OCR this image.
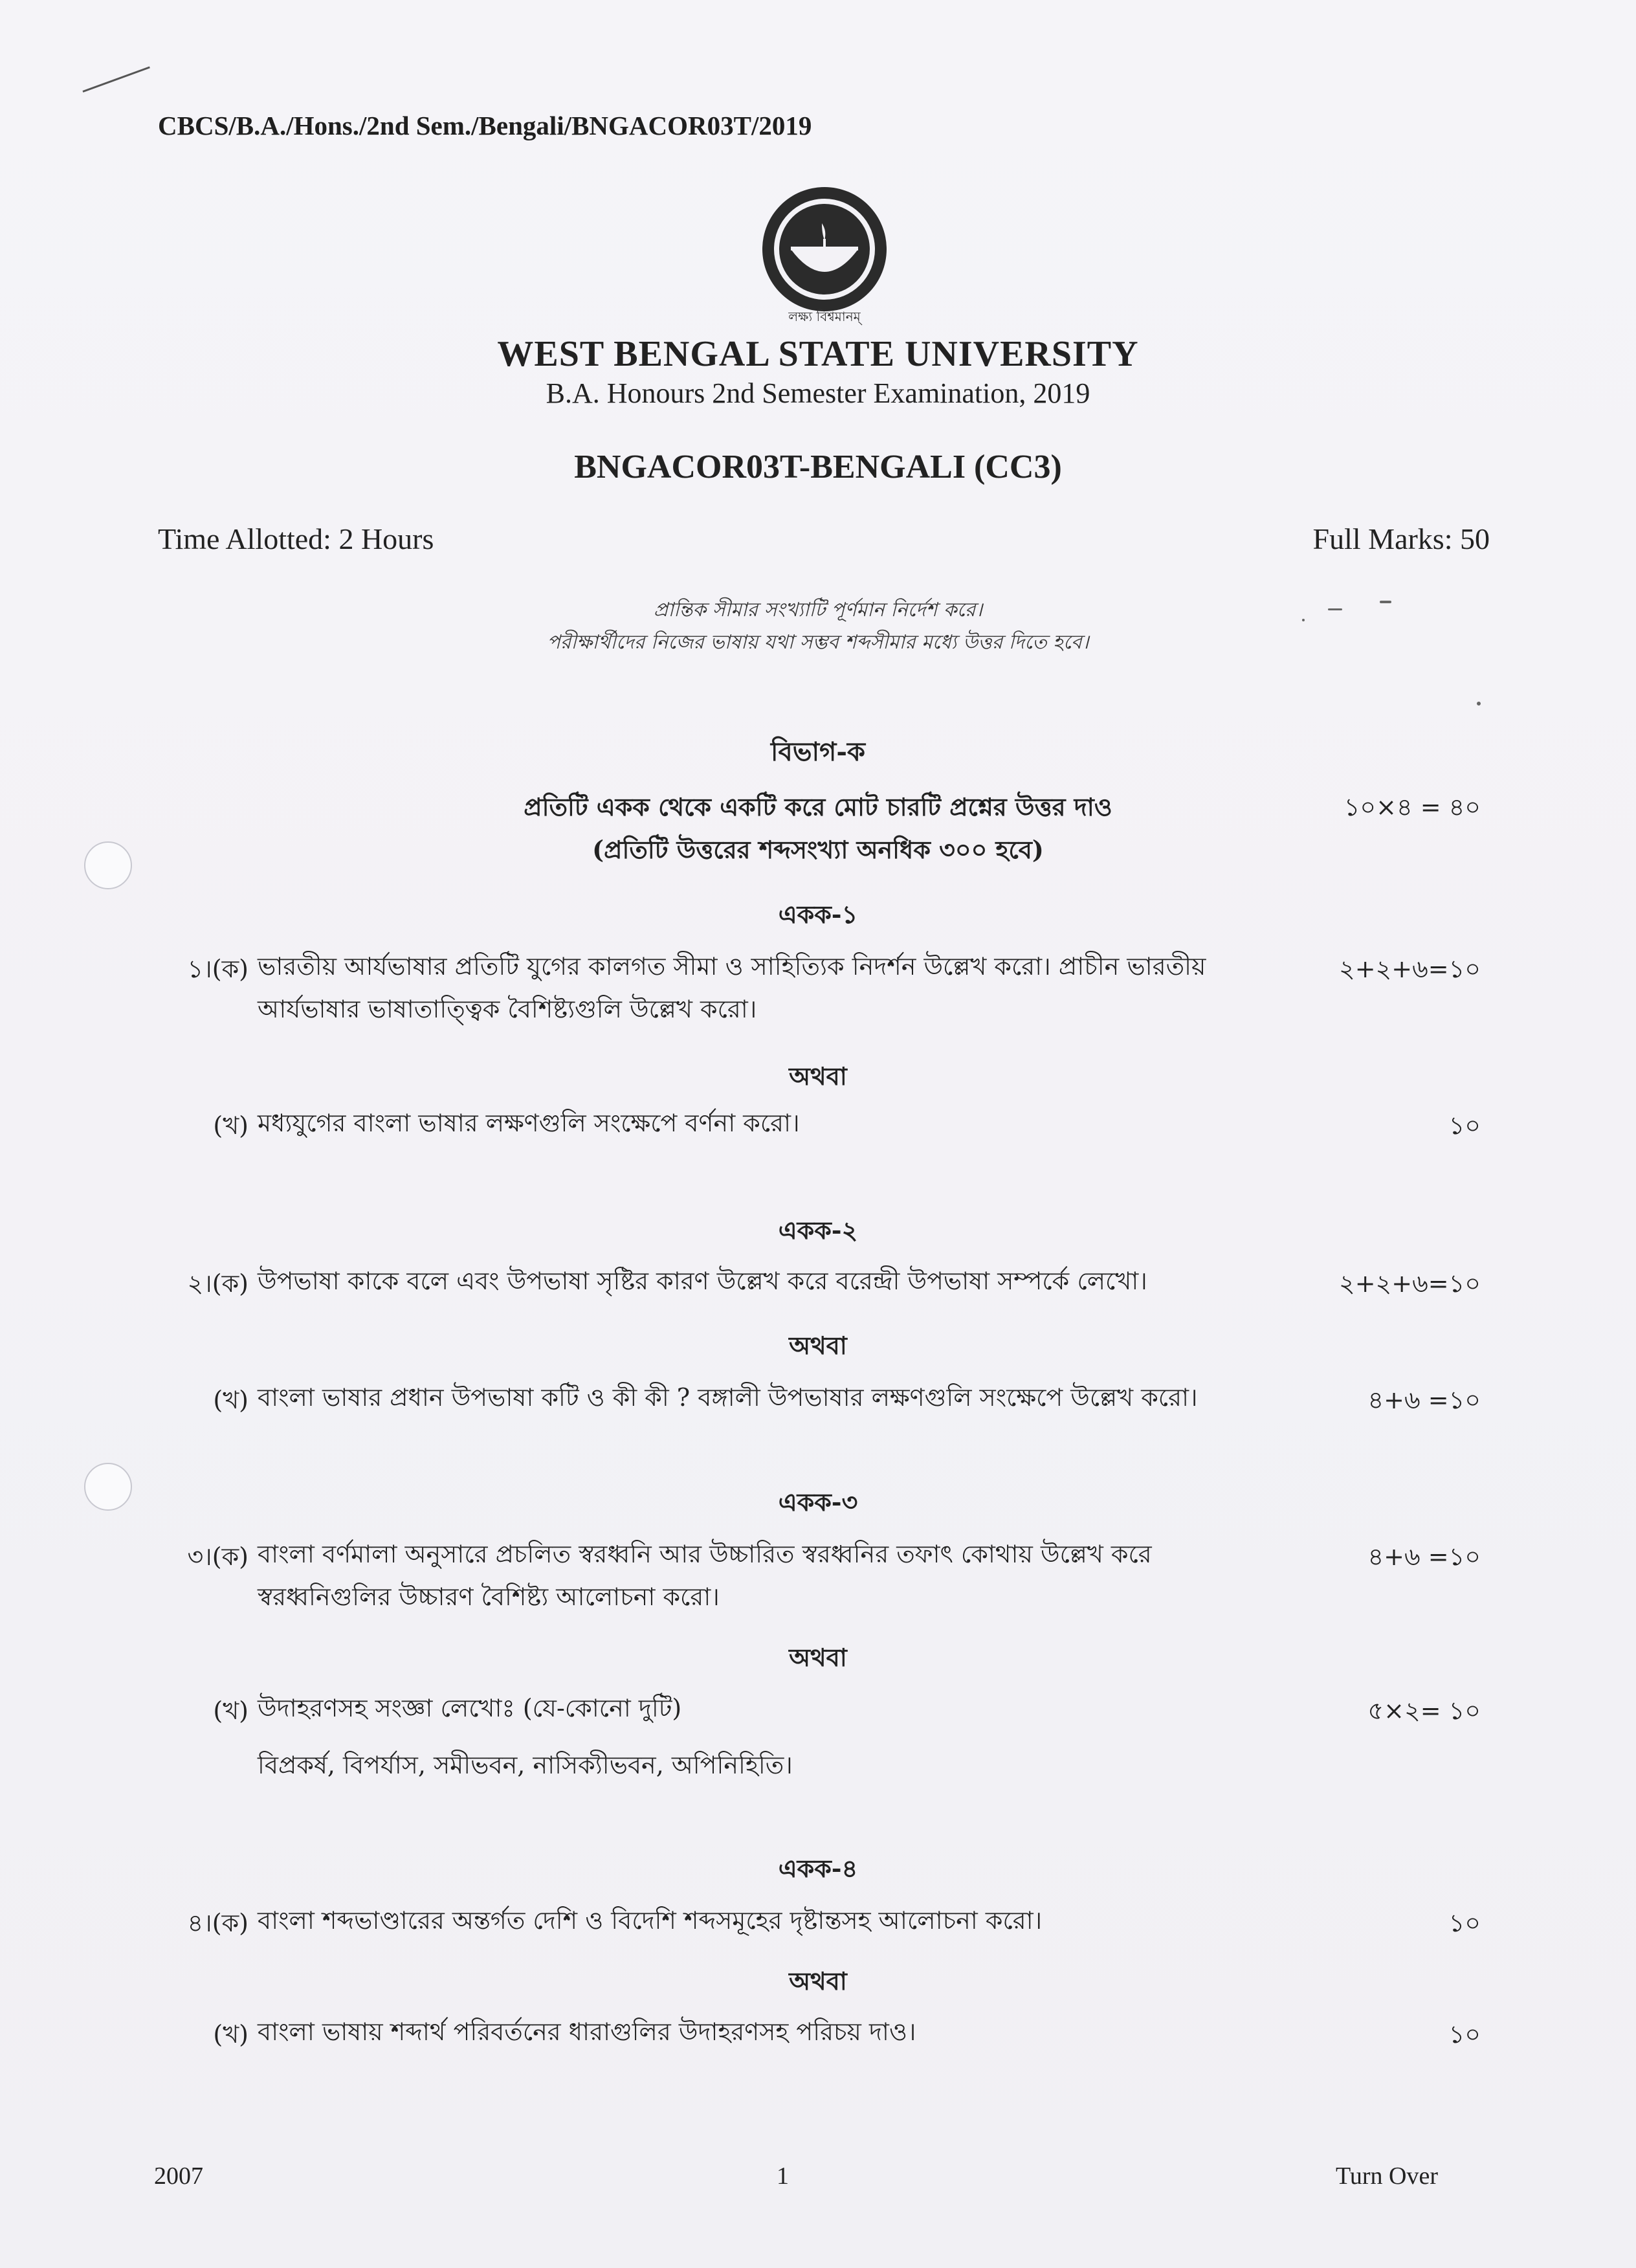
CBCS/B.A./Hons./2nd Sem./Bengali/BNGACOR03T/2019
লক্ষ্য বিশ্বমানম্
WEST BENGAL STATE UNIVERSITY
B.A. Honours 2nd Semester Examination, 2019
BNGACOR03T-BENGALI (CC3)
Time Allotted: 2 Hours	Full Marks: 50
প্রান্তিক সীমার সংখ্যাটি পূর্ণমান নির্দেশ করে।
পরীক্ষার্থীদের নিজের ভাষায় যথা সম্ভব শব্দসীমার মধ্যে উত্তর দিতে হবে।
বিভাগ-ক
প্রতিটি একক থেকে একটি করে মোট চারটি প্রশ্নের উত্তর দাও
(প্রতিটি উত্তরের শব্দসংখ্যা অনধিক ৩০০ হবে)
১০×৪ = ৪০
একক-১
১।(ক) ভারতীয় আর্যভাষার প্রতিটি যুগের কালগত সীমা ও সাহিত্যিক নিদর্শন উল্লেখ করো। প্রাচীন ভারতীয়
আর্যভাষার ভাষাতাত্ত্বিক বৈশিষ্ট্যগুলি উল্লেখ করো।
২+২+৬=১০
অথবা
(খ) মধ্যযুগের বাংলা ভাষার লক্ষণগুলি সংক্ষেপে বর্ণনা করো।	১০
একক-২
২।(ক) উপভাষা কাকে বলে এবং উপভাষা সৃষ্টির কারণ উল্লেখ করে বরেন্দ্রী উপভাষা সম্পর্কে লেখো।	২+২+৬=১০
অথবা
(খ) বাংলা ভাষার প্রধান উপভাষা কটি ও কী কী ? বঙ্গালী উপভাষার লক্ষণগুলি সংক্ষেপে উল্লেখ করো।	৪+৬ =১০
একক-৩
৩।(ক) বাংলা বর্ণমালা অনুসারে প্রচলিত স্বরধ্বনি আর উচ্চারিত স্বরধ্বনির তফাৎ কোথায় উল্লেখ করে
স্বরধ্বনিগুলির উচ্চারণ বৈশিষ্ট্য আলোচনা করো।
৪+৬ =১০
অথবা
(খ) উদাহরণসহ সংজ্ঞা লেখোঃ (যে-কোনো দুটি)
বিপ্রকর্ষ, বিপর্যাস, সমীভবন, নাসিক্যীভবন, অপিনিহিতি।
৫×২= ১০
একক-৪
৪।(ক) বাংলা শব্দভাণ্ডারের অন্তর্গত দেশি ও বিদেশি শব্দসমূহের দৃষ্টান্তসহ আলোচনা করো।	১০
অথবা
(খ) বাংলা ভাষায় শব্দার্থ পরিবর্তনের ধারাগুলির উদাহরণসহ পরিচয় দাও।	১০
2007	1	Turn Over
